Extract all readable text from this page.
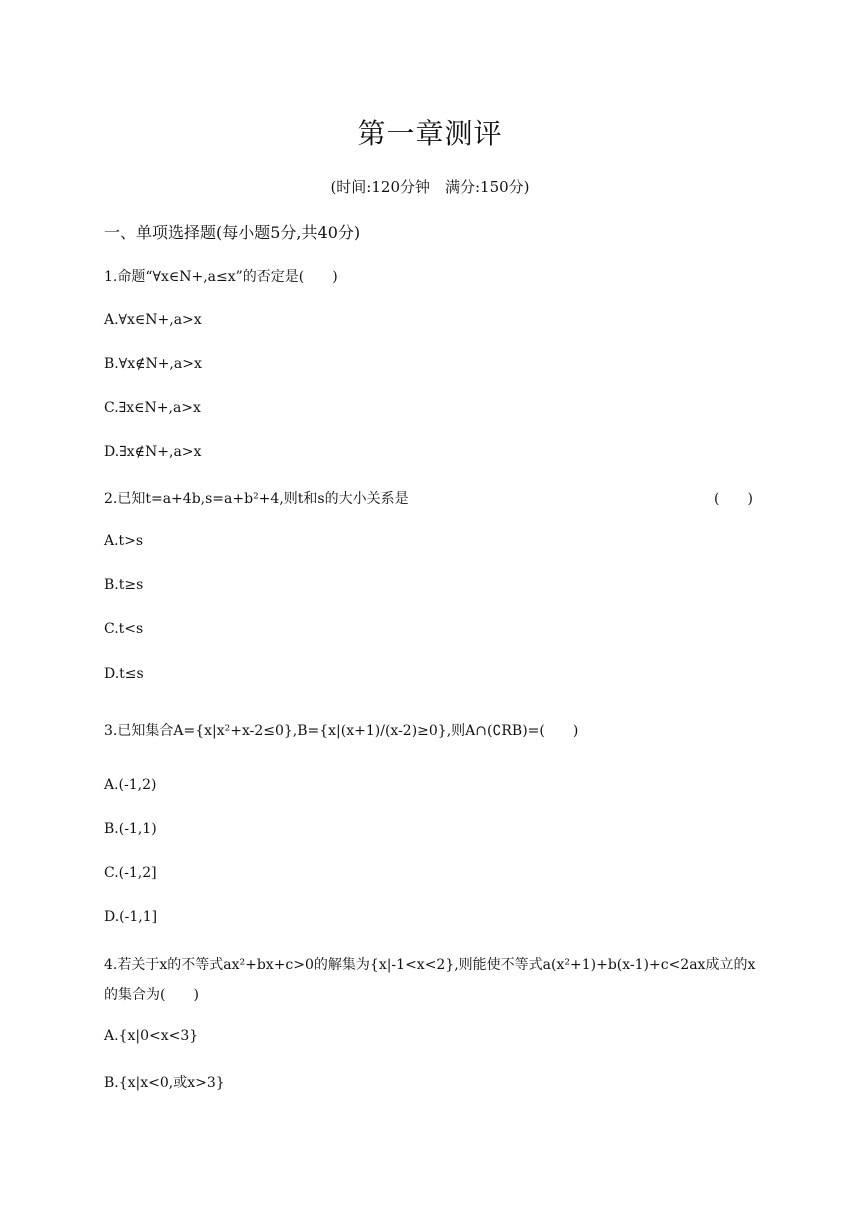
第一章测评
(时间:120分钟　满分:150分)
一、单项选择题(每小题5分,共40分)
1.命题“∀x∈N+,a≤x”的否定是(　　)
A.∀x∈N+,a>x
B.∀x∉N+,a>x
C.∃x∈N+,a>x
D.∃x∉N+,a>x
2.已知t=a+4b,s=a+b²+4,则t和s的大小关系是	(　　)
A.t>s
B.t≥s
C.t<s
D.t≤s
3.已知集合A={x|x²+x-2≤0},B={x|(x+1)/(x-2)≥0},则A∩(∁RB)=(　　)
A.(-1,2)
B.(-1,1)
C.(-1,2]
D.(-1,1]
4.若关于x的不等式ax²+bx+c>0的解集为{x|-1<x<2},则能使不等式a(x²+1)+b(x-1)+c<2ax成立的x
的集合为(　　)
A.{x|0<x<3}
B.{x|x<0,或x>3}
